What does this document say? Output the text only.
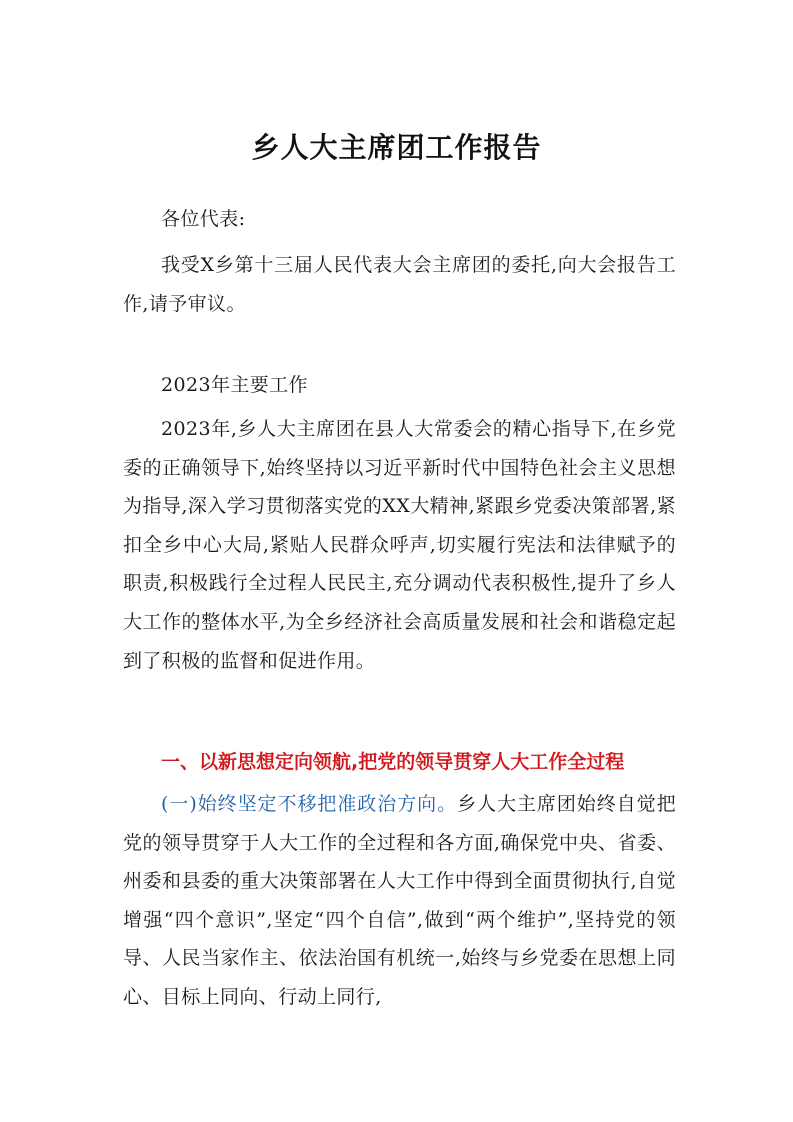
乡人大主席团工作报告

各位代表:

我受X乡第十三届人民代表大会主席团的委托,向大会报告工作,请予审议。

2023年主要工作

2023年,乡人大主席团在县人大常委会的精心指导下,在乡党委的正确领导下,始终坚持以习近平新时代中国特色社会主义思想为指导,深入学习贯彻落实党的XX大精神,紧跟乡党委决策部署,紧扣全乡中心大局,紧贴人民群众呼声,切实履行宪法和法律赋予的职责,积极践行全过程人民民主,充分调动代表积极性,提升了乡人大工作的整体水平,为全乡经济社会高质量发展和社会和谐稳定起到了积极的监督和促进作用。

一、以新思想定向领航,把党的领导贯穿人大工作全过程

(一)始终坚定不移把准政治方向。乡人大主席团始终自觉把党的领导贯穿于人大工作的全过程和各方面,确保党中央、省委、州委和县委的重大决策部署在人大工作中得到全面贯彻执行,自觉增强“四个意识”,坚定“四个自信”,做到“两个维护”,坚持党的领导、人民当家作主、依法治国有机统一,始终与乡党委在思想上同心、目标上同向、行动上同行,
